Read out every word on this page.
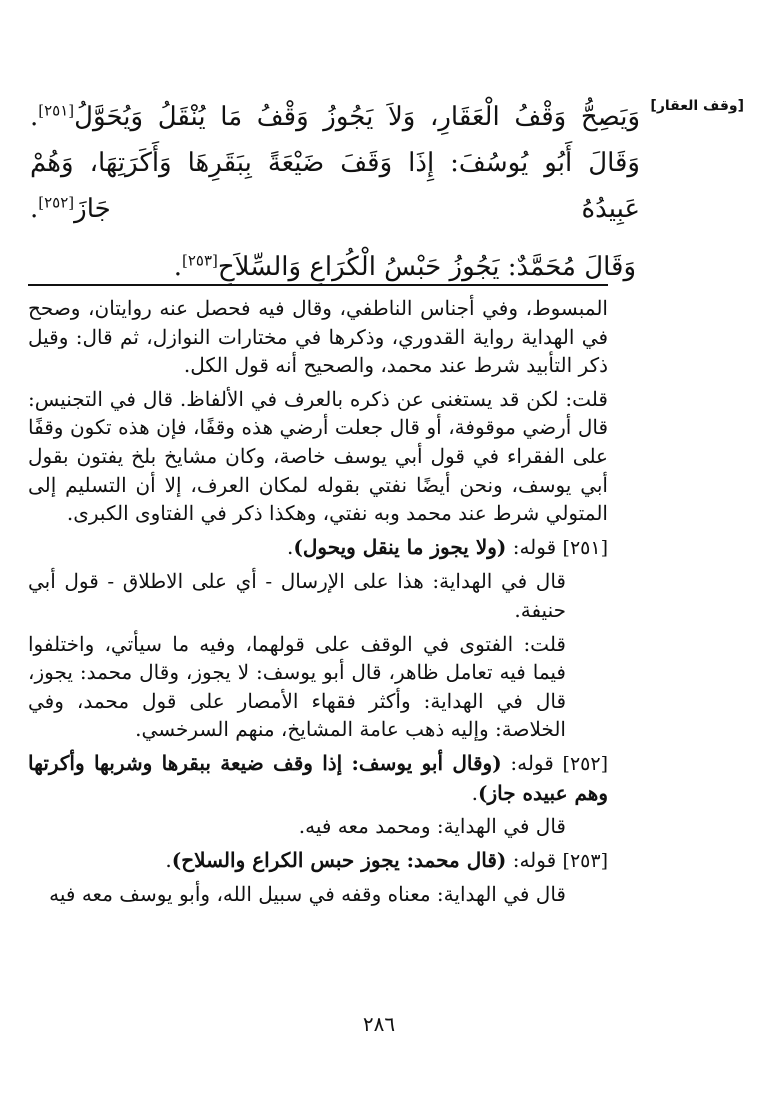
[وقف العقار]

وَيَصِحُّ وَقْفُ الْعَقَارِ، وَلاَ يَجُوزُ وَقْفُ مَا يُنْقَلُ وَيُحَوَّلُ[٢٥١]. وَقَالَ أَبُو يُوسُفَ: إِذَا وَقَفَ ضَيْعَةً بِبَقَرِهَا وَأَكَرَتِهَا، وَهُمْ عَبِيدُهُ جَازَ[٢٥٢].

وَقَالَ مُحَمَّدٌ: يَجُوزُ حَبْسُ الْكُرَاعِ وَالسِّلاَحِ[٢٥٣].

المبسوط، وفي أجناس الناطفي، وقال فيه فحصل عنه روايتان، وصحح في الهداية رواية القدوري، وذكرها في مختارات النوازل، ثم قال: وقيل ذكر التأبيد شرط عند محمد، والصحيح أنه قول الكل.

قلت: لكن قد يستغنى عن ذكره بالعرف في الألفاظ. قال في التجنيس: قال أرضي موقوفة، أو قال جعلت أرضي هذه وقفًا، فإن هذه تكون وقفًا على الفقراء في قول أبي يوسف خاصة، وكان مشايخ بلخ يفتون بقول أبي يوسف، ونحن أيضًا نفتي بقوله لمكان العرف، إلا أن التسليم إلى المتولي شرط عند محمد وبه نفتي، وهكذا ذكر في الفتاوى الكبرى.

[٢٥١] قوله: (ولا يجوز ما ينقل ويحول).

قال في الهداية: هذا على الإرسال - أي على الاطلاق - قول أبي حنيفة.

قلت: الفتوى في الوقف على قولهما، وفيه ما سيأتي، واختلفوا فيما فيه تعامل ظاهر، قال أبو يوسف: لا يجوز، وقال محمد: يجوز، قال في الهداية: وأكثر فقهاء الأمصار على قول محمد، وفي الخلاصة: وإليه ذهب عامة المشايخ، منهم السرخسي.

[٢٥٢] قوله: (وقال أبو يوسف: إذا وقف ضيعة ببقرها وشربها وأكرتها وهم عبيده جاز).

قال في الهداية: ومحمد معه فيه.

[٢٥٣] قوله: (قال محمد: يجوز حبس الكراع والسلاح).

قال في الهداية: معناه وقفه في سبيل الله، وأبو يوسف معه فيه

٢٨٦
